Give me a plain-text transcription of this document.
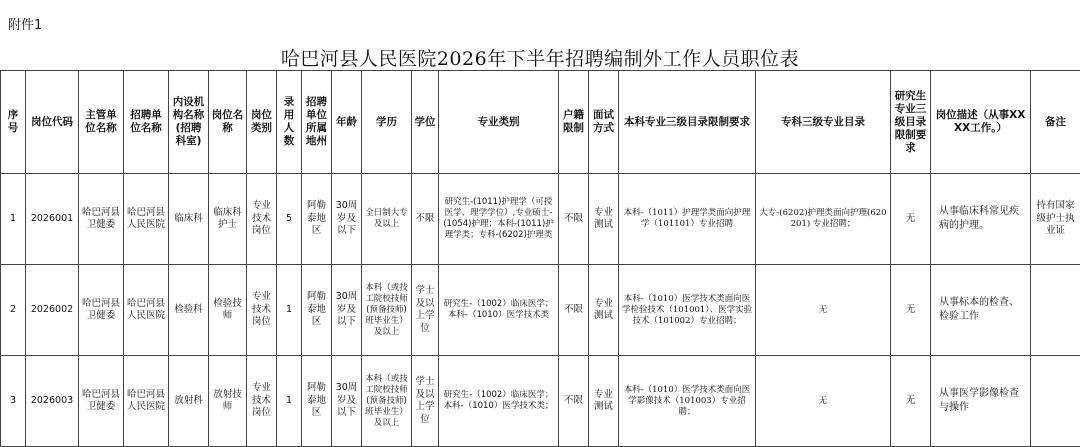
附件1
哈巴河县人民医院2026年下半年招聘编制外工作人员职位表
序号	岗位代码	主管单位名称	招聘单位名称	内设机构名称(招聘科室)	岗位名称	岗位类别	录用人数	招聘单位所属地州	年龄	学历	学位	专业类别	户籍限制	面试方式	本科专业三级目录限制要求	专科三级专业目录	研究生专业三级目录限制要求	岗位描述（从事XXXX工作。）	备注
1	2026001	哈巴河县卫健委	哈巴河县人民医院	临床科	临床科护士	专业技术岗位	5	阿勒泰地区	30周岁及以下	全日制大专及以上	不限	研究生-(1011)护理学（可授医学、理学学位）,专业硕士-(1054)护理；本科-(1011)护理学类；专科-(6202)护理类	不限	专业测试	本科-（1011）护理学类面向护理学（101101）专业招聘	大专-(6202)护理类面向护理(620201) 专业招聘；	无	从事临床科常见疾病的护理。	持有国家级护士执业证
2	2026002	哈巴河县卫健委	哈巴河县人民医院	检验科	检验技师	专业技术岗位	1	阿勒泰地区	30周岁及以下	本科（或技工院校技师(预备技师)班毕业生）及以上	学士及以上学位	研究生-（1002）临床医学；本科-（1010）医学技术类	不限	专业测试	本科-（1010）医学技术类面向医学检验技术（101001）、医学实验技术（101002）专业招聘；	无	无	从事标本的检查、检验工作	
3	2026003	哈巴河县卫健委	哈巴河县人民医院	放射科	放射技师	专业技术岗位	1	阿勒泰地区	30周岁及以下	本科（或技工院校技师(预备技师)班毕业生）及以上	学士及以上学位	研究生-（1002）临床医学；本科-（1010）医学技术类；	不限	专业测试	本科-（1010）医学技术类面向医学影像技术（101003）专业招聘；	无	无	从事医学影像检查与操作	
